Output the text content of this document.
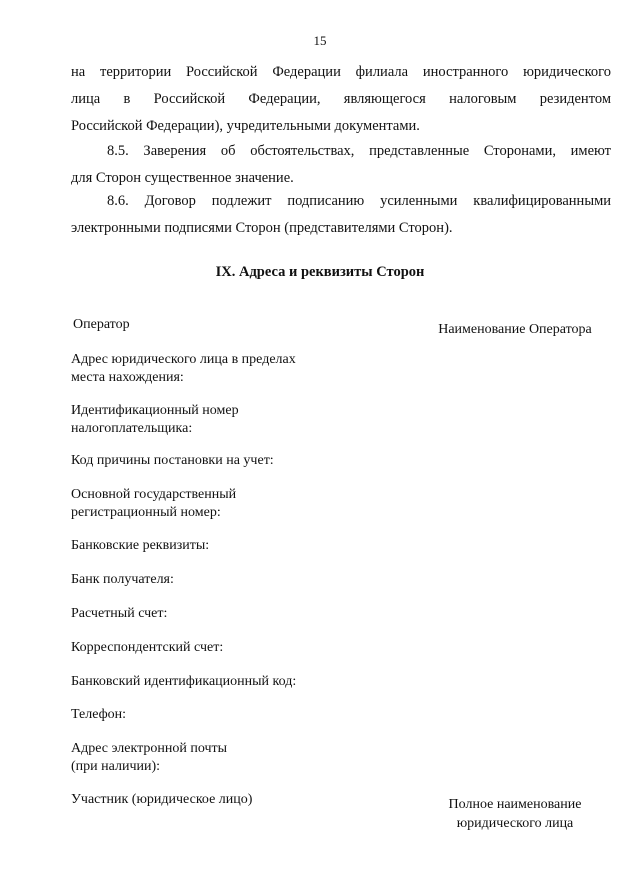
15

на территории Российской Федерации филиала иностранного юридического
лица в Российской Федерации, являющегося налоговым резидентом
Российской Федерации), учредительными документами.

8.5. Заверения об обстоятельствах, представленные Сторонами, имеют
для Сторон существенное значение.

8.6. Договор подлежит подписанию усиленными квалифицированными
электронными подписями Сторон (представителями Сторон).

IX. Адреса и реквизиты Сторон
Оператор	Наименование Оператора
Адрес юридического лица в пределах
места нахождения:
Идентификационный номер
налогоплательщика:
Код причины постановки на учет:
Основной государственный
регистрационный номер:
Банковские реквизиты:
Банк получателя:
Расчетный счет:
Корреспондентский счет:
Банковский идентификационный код:
Телефон:
Адрес электронной почты
(при наличии):
Участник (юридическое лицо)	Полное наименование
юридического лица
